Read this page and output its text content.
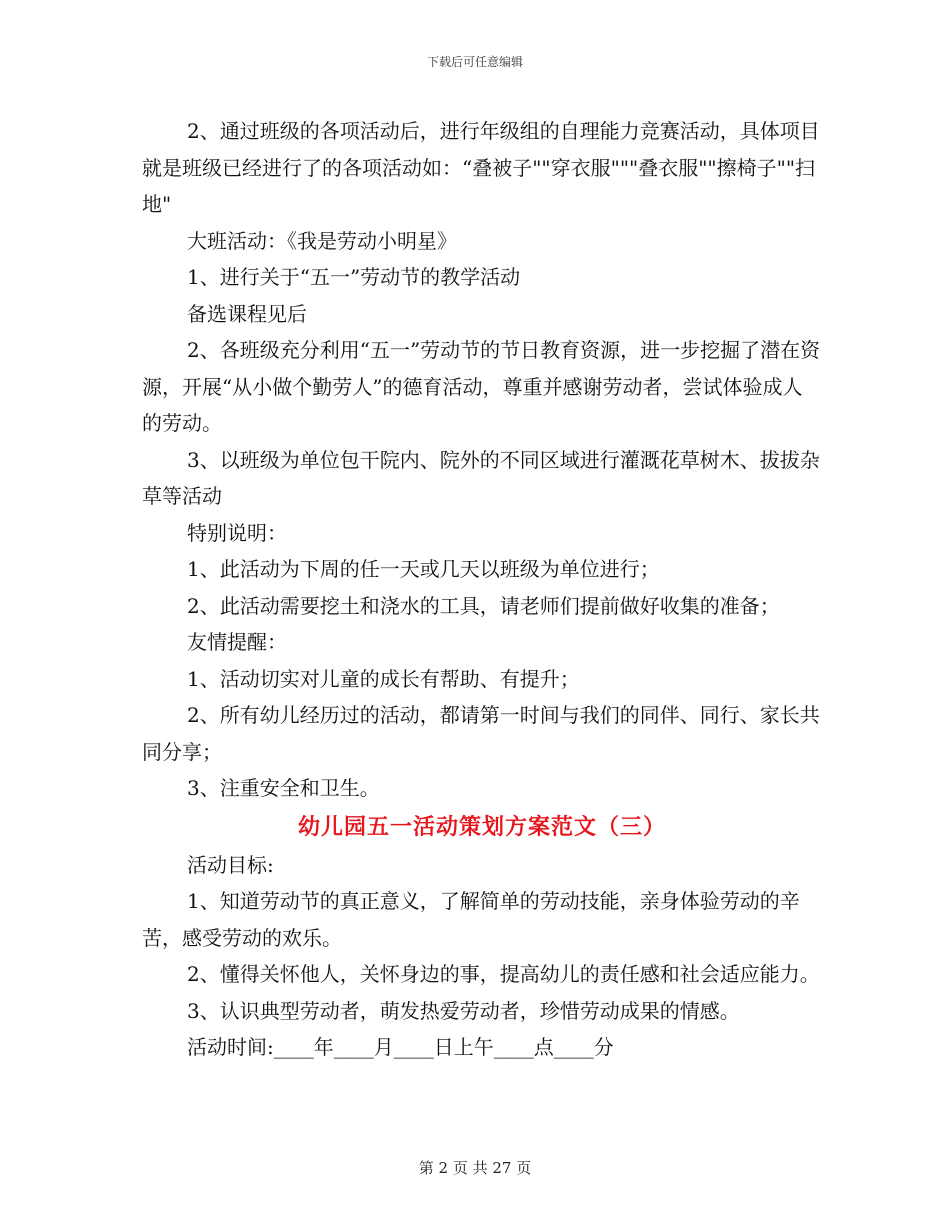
下载后可任意编辑

2、通过班级的各项活动后，进行年级组的自理能力竞赛活动，具体项目就是班级已经进行了的各项活动如：“叠被子""穿衣服"""叠衣服""擦椅子""扫地"

大班活动：《我是劳动小明星》

1、进行关于“五一”劳动节的教学活动

备选课程见后

2、各班级充分利用“五一”劳动节的节日教育资源，进一步挖掘了潜在资源，开展“从小做个勤劳人”的德育活动，尊重并感谢劳动者，尝试体验成人的劳动。

3、以班级为单位包干院内、院外的不同区域进行灌溉花草树木、拔拔杂草等活动

特别说明：

1、此活动为下周的任一天或几天以班级为单位进行；

2、此活动需要挖土和浇水的工具，请老师们提前做好收集的准备；

友情提醒：

1、活动切实对儿童的成长有帮助、有提升；

2、所有幼儿经历过的活动，都请第一时间与我们的同伴、同行、家长共同分享；

3、注重安全和卫生。

幼儿园五一活动策划方案范文（三）

活动目标:

1、知道劳动节的真正意义，了解简单的劳动技能，亲身体验劳动的辛苦，感受劳动的欢乐。

2、懂得关怀他人，关怀身边的事，提高幼儿的责任感和社会适应能力。

3、认识典型劳动者，萌发热爱劳动者，珍惜劳动成果的情感。

活动时间:____年____月____日上午____点____分

第 2 页 共 27 页
